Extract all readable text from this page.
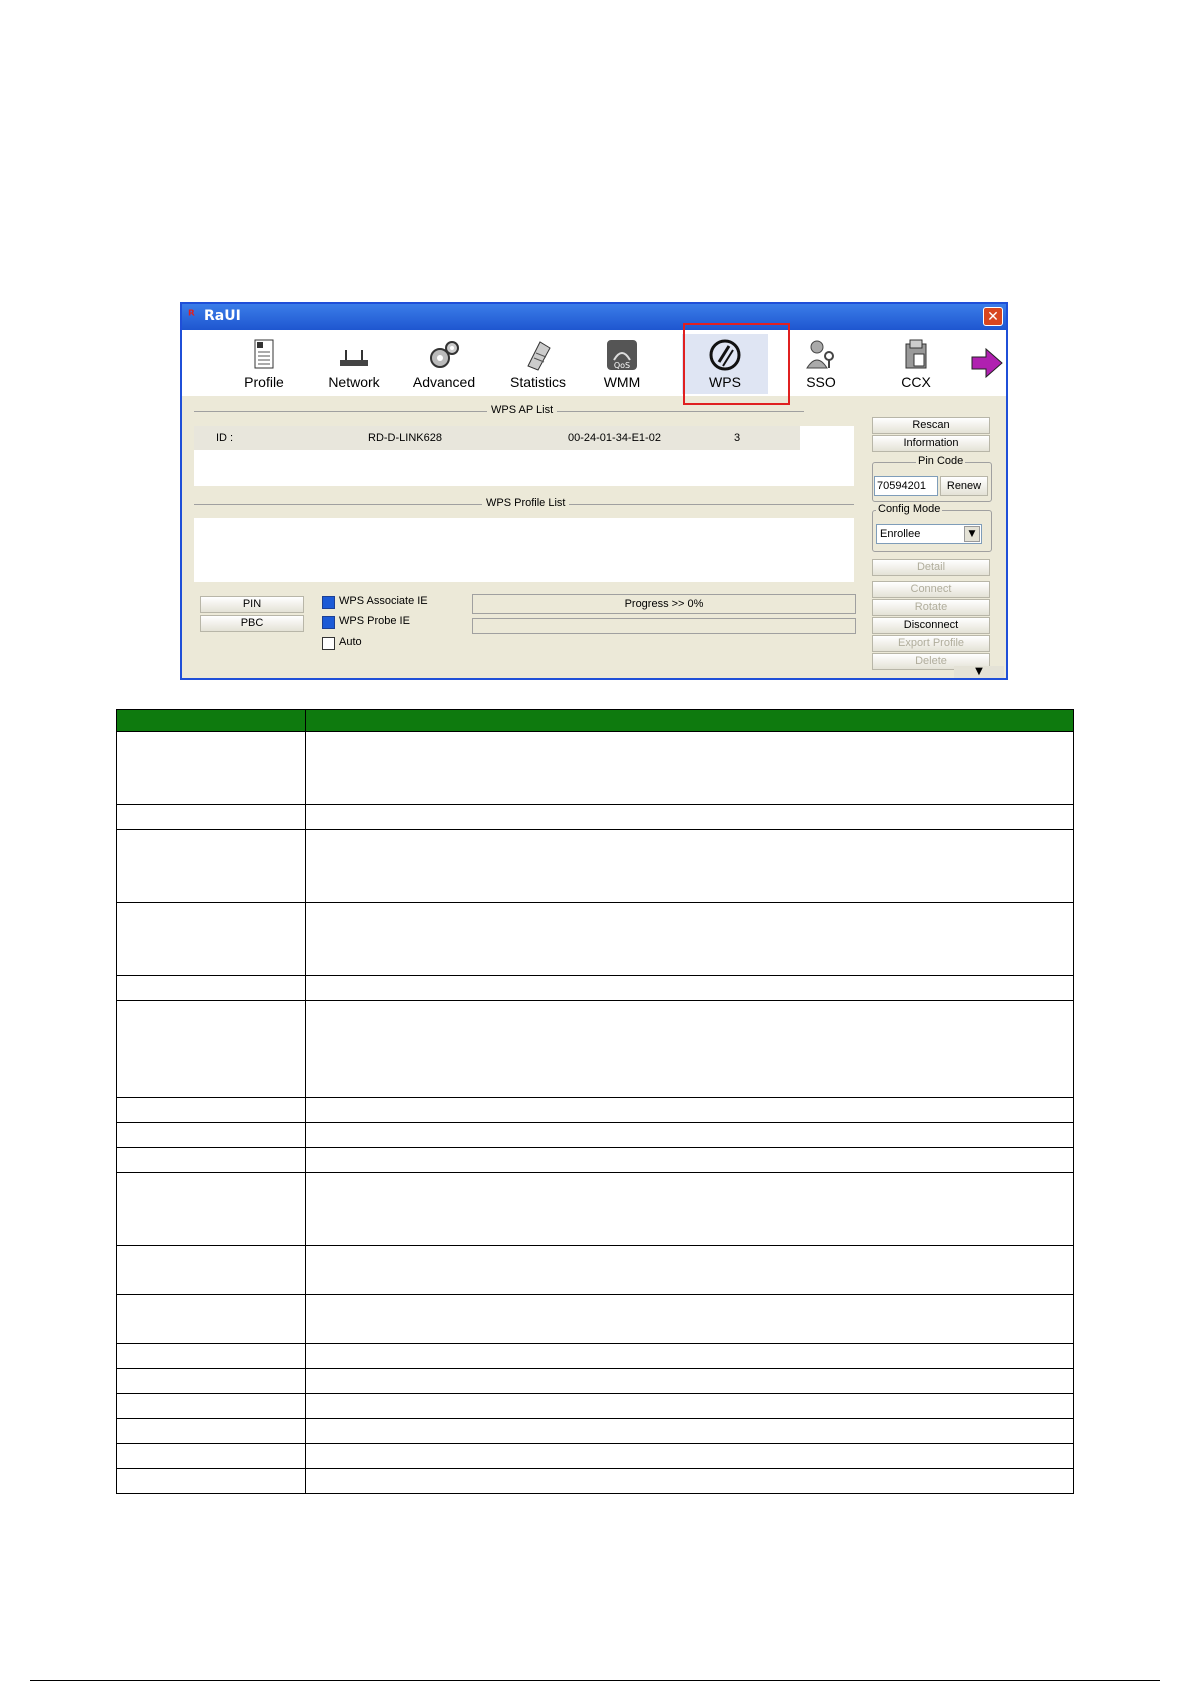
ᴿ RaUI	✕
Profile	Network	Advanced	Statistics
QoS
WMM	WPS	SSO	CCX
WPS AP List
ID :	RD-D-LINK628	00-24-01-34-E1-02	3
WPS Profile List
PIN
PBC
WPS Associate IE
WPS Probe IE
Auto
Progress >> 0%
Rescan
Information
Pin Code
70594201	Renew
Config Mode
Enrollee	▼
Detail
Connect
Rotate
Disconnect
Export Profile
Delete
▼
